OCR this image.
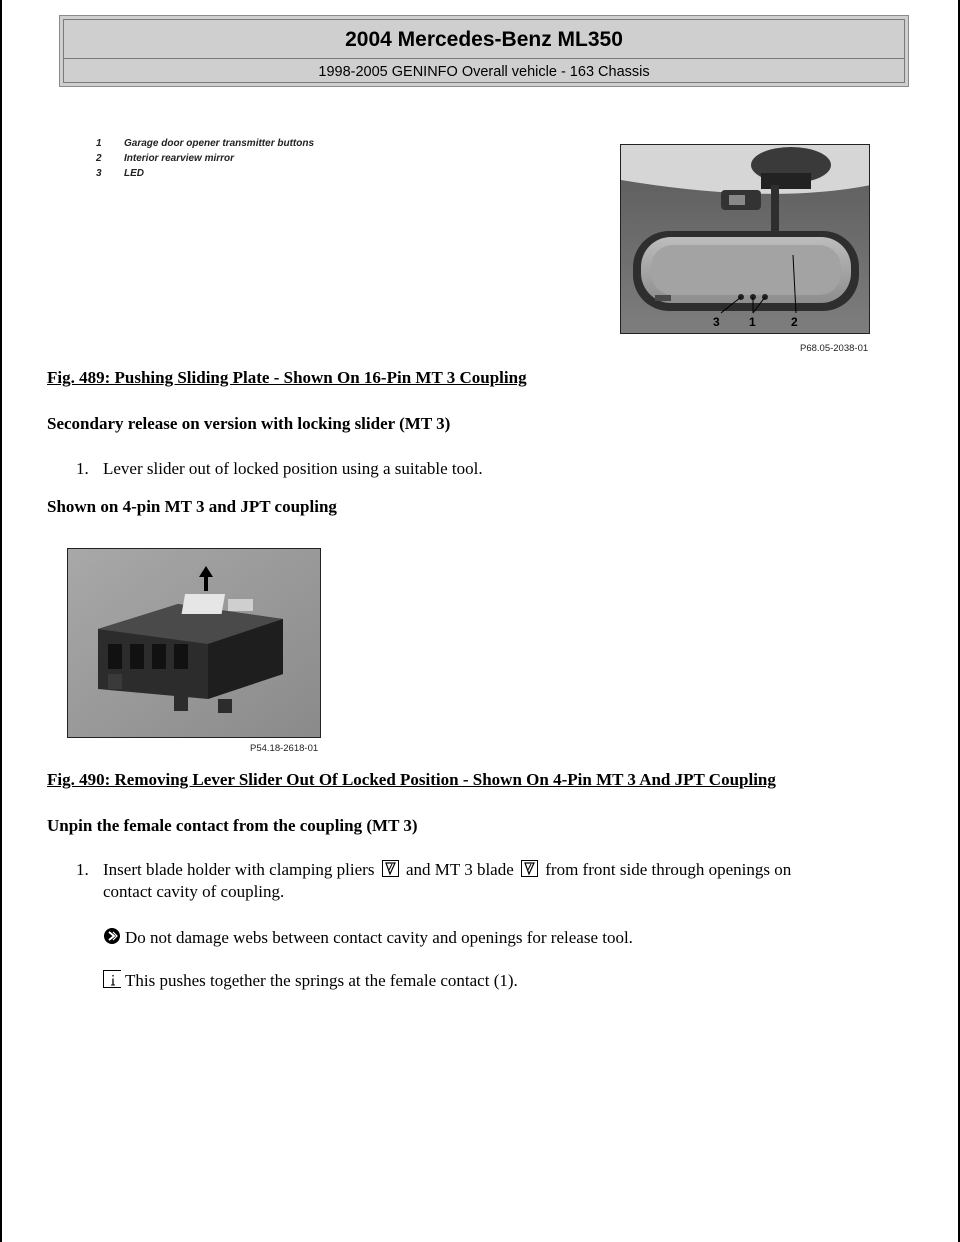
2004 Mercedes-Benz ML350
1998-2005 GENINFO Overall vehicle - 163 Chassis
1	Garage door opener transmitter buttons
2	Interior rearview mirror
3	LED
3 1	2
P68.05-2038-01
Fig. 489: Pushing Sliding Plate - Shown On 16-Pin MT 3 Coupling
Secondary release on version with locking slider (MT 3)
1. Lever slider out of locked position using a suitable tool.
Shown on 4-pin MT 3 and JPT coupling
P54.18-2618-01
Fig. 490: Removing Lever Slider Out Of Locked Position - Shown On 4-Pin MT 3 And JPT Coupling
Unpin the female contact from the coupling (MT 3)
1. Insert blade holder with clamping pliers and MT 3 blade from front side through openings on
contact cavity of coupling.
Do not damage webs between contact cavity and openings for release tool.
This pushes together the springs at the female contact (1).
